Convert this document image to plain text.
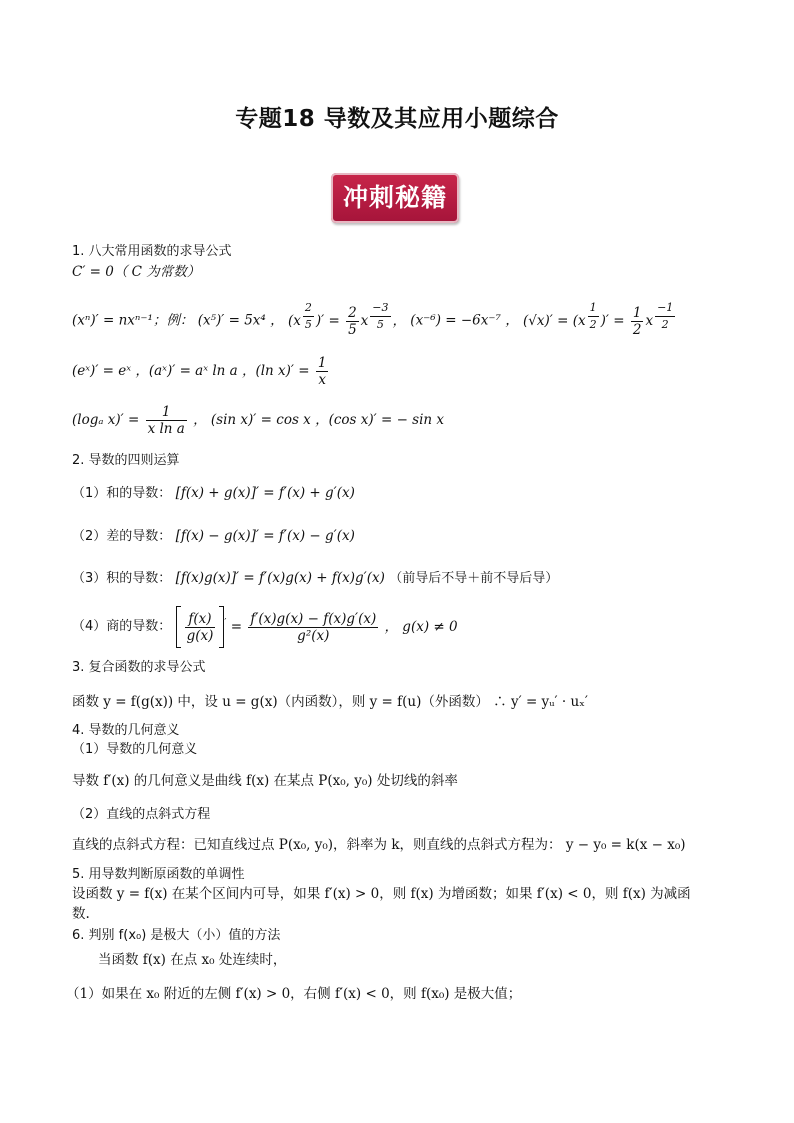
专题18 导数及其应用小题综合
冲刺秘籍
1. 八大常用函数的求导公式
C′ = 0（ C 为常数）
(xⁿ)′ = nxⁿ⁻¹；例： (x⁵)′ = 5x⁴ ， (x $^{\frac{2}{5}}$ )′ = $\frac{2}{5}$ x $^{\frac{-3}{5}}$ ， (x⁻⁶) = −6x⁻⁷ ， (√x)′ = (x $^{\frac{1}{2}}$ )′ = $\frac{1}{2}$ x $^{\frac{-1}{2}}$
(eˣ)′ = eˣ ，(aˣ)′ = aˣ ln a ，(ln $x)' = \frac{1}{x}$
(logₐ $x)' = \frac{1}{\text{x ln a}}$ ， (sin x)′ = cos x ，(cos x)′ = − sin x
2. 导数的四则运算
（1）和的导数： [f(x) + g(x)]′ = f′(x) + g′(x)
（2）差的导数： [f(x) − g(x)]′ = f′(x) − g′(x)
（3）积的导数： [f(x)g(x)]′ = f′(x)g(x) + f(x)g′(x) （前导后不导＋前不导后导）
（4）商的导数： $\frac{f(x)}{g(x)} ' = \frac{f'(x)g(x) - f(x)g'(x)}{\text{g²(x)}}$ ， g(x) ≠ 0
3. 复合函数的求导公式
函数 y = f(g(x)) 中，设 u = g(x)（内函数），则 y = f(u)（外函数） ∴ y′ = yᵤ′ · uₓ′
4. 导数的几何意义
（1）导数的几何意义
导数 f′(x) 的几何意义是曲线 f(x) 在某点 P(x₀, y₀) 处切线的斜率
（2）直线的点斜式方程
直线的点斜式方程：已知直线过点 P(x₀, y₀)，斜率为 k，则直线的点斜式方程为： y − y₀ = k(x − x₀)
5. 用导数判断原函数的单调性
设函数 y = f(x) 在某个区间内可导，如果 f′(x) > 0，则 f(x) 为增函数；如果 f′(x) < 0，则 f(x) 为减函
数.
6. 判别 f(x₀) 是极大（小）值的方法
当函数 f(x) 在点 x₀ 处连续时，
（1）如果在 x₀ 附近的左侧 f′(x) > 0，右侧 f′(x) < 0，则 f(x₀) 是极大值；
